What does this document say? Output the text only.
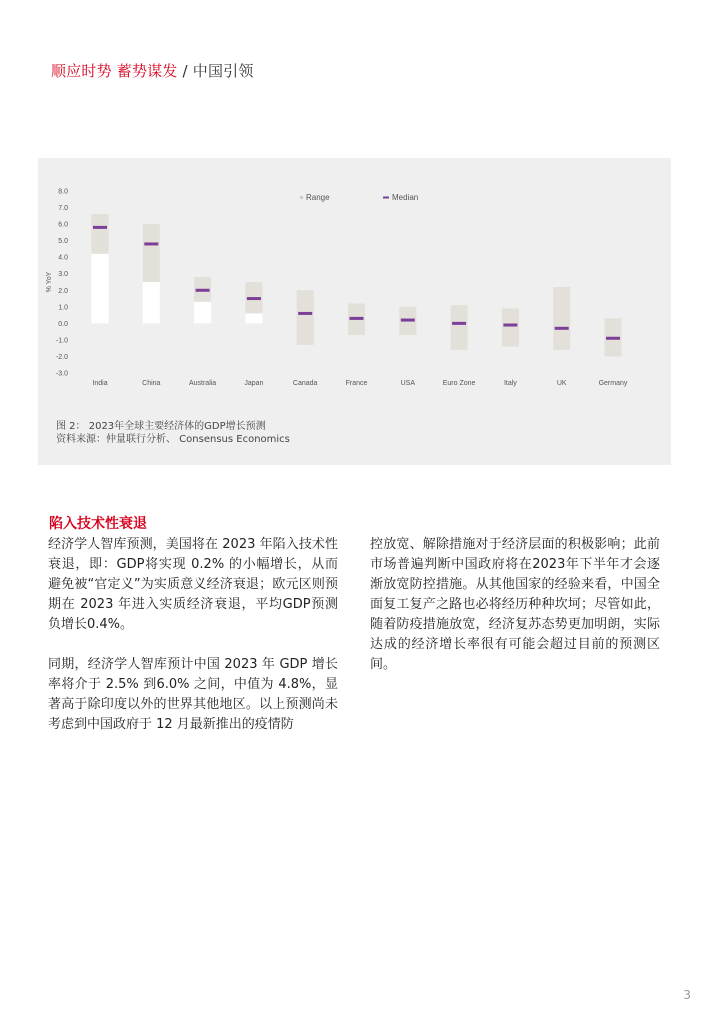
顺应时势 蓄势谋发 / 中国引领
8.0
7.0
6.0
5.0
4.0
3.0
2.0
1.0
0.0
-1.0
-2.0
-3.0
% YoY
India	China	Australia	Japan	Canada	France	USA	Euro Zone	Italy	UK	Germany
Range	Median
图 2： 2023年全球主要经济体的GDP增长预测
资料来源：仲量联行分析、 Consensus Economics
陷入技术性衰退

经济学人智库预测，美国将在 2023 年陷入技术性衰退，即：GDP将实现 0.2% 的小幅增长，从而避免被“官定义”为实质意义经济衰退；欧元区则预期在 2023 年进入实质经济衰退，平均GDP预测负增长0.4%。

同期，经济学人智库预计中国 2023 年 GDP 增长率将介于 2.5% 到6.0% 之间，中值为 4.8%，显著高于除印度以外的世界其他地区。以上预测尚未考虑到中国政府于 12 月最新推出的疫情防

控放宽、解除措施对于经济层面的积极影响；此前市场普遍判断中国政府将在2023年下半年才会逐渐放宽防控措施。从其他国家的经验来看，中国全面复工复产之路也必将经历种种坎坷；尽管如此，随着防疫措施放宽，经济复苏态势更加明朗，实际达成的经济增长率很有可能会超过目前的预测区间。

3
